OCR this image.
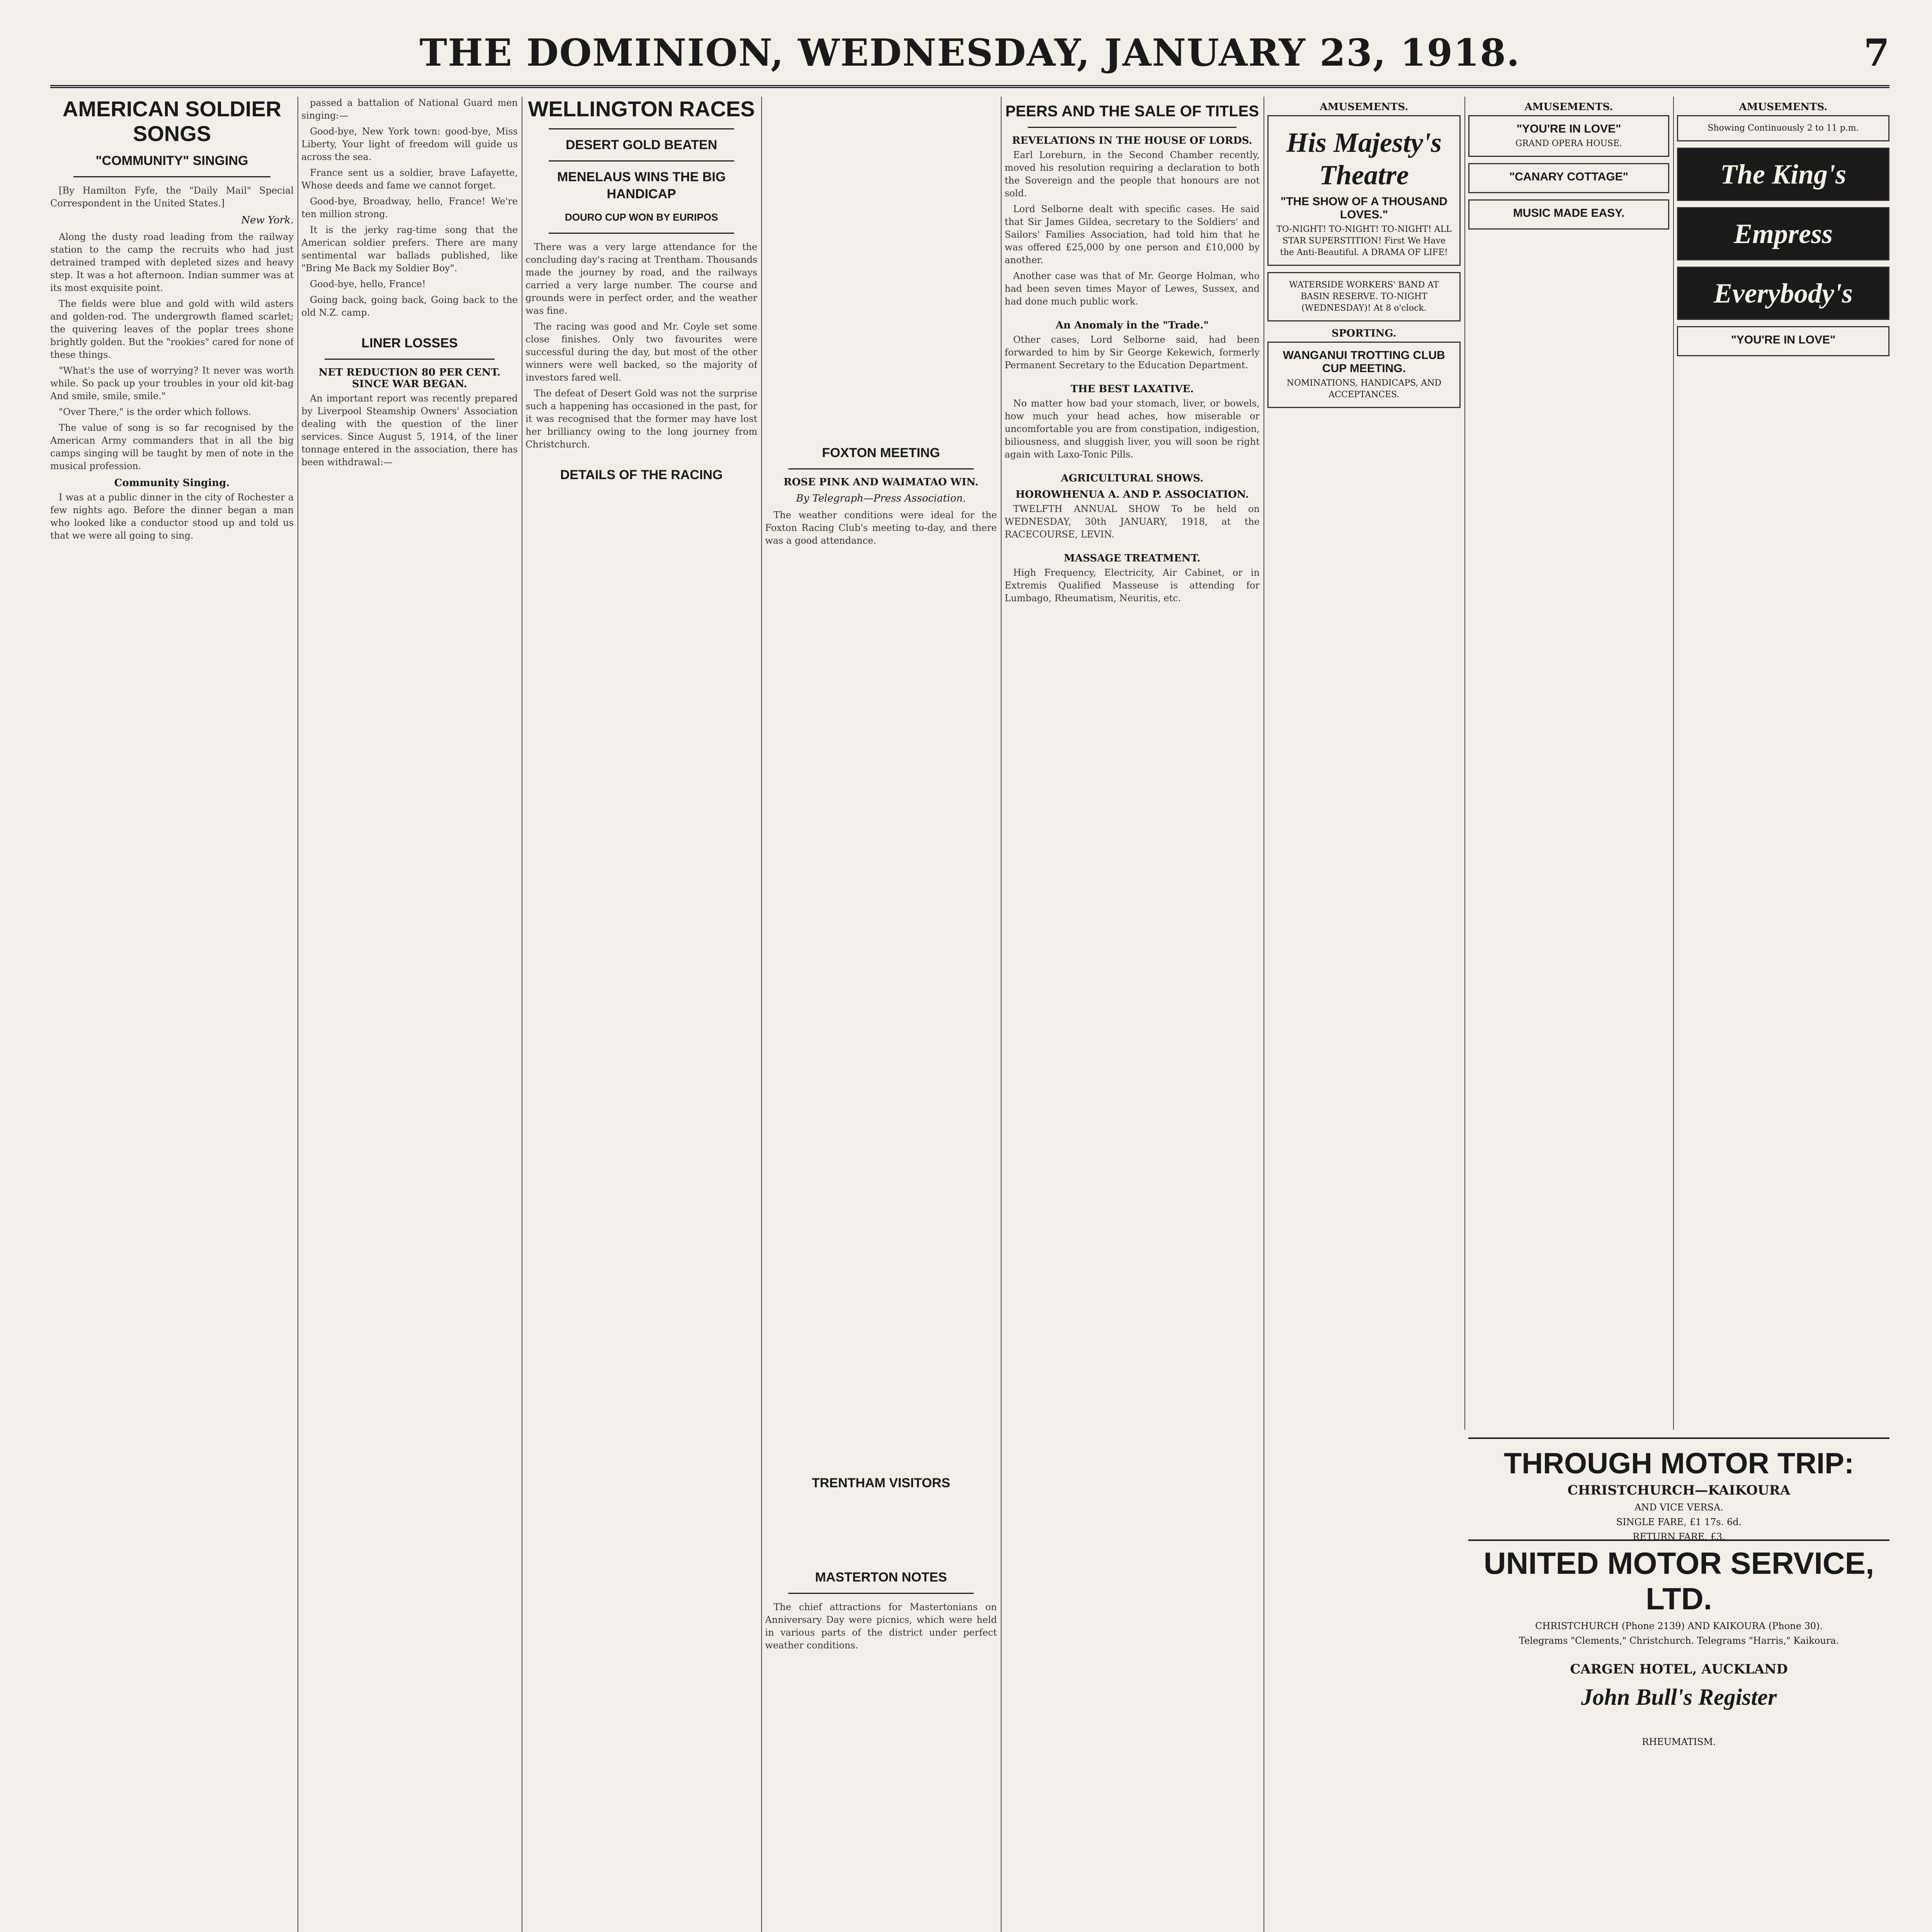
THE DOMINION, WEDNESDAY, JANUARY 23, 1918.	7
AMERICAN SOLDIER SONGS
"COMMUNITY" SINGING

[By Hamilton Fyfe, the "Daily Mail" Special Correspondent in the United States.]

New York.

Along the dusty road leading from the railway station to the camp the recruits who had just detrained tramped with depleted sizes and heavy step. It was a hot afternoon. Indian summer was at its most exquisite point.

The fields were blue and gold with wild asters and golden-rod. The undergrowth flamed scarlet; the quivering leaves of the poplar trees shone brightly golden. But the "rookies" cared for none of these things.

"What's the use of worrying? It never was worth while. So pack up your troubles in your old kit-bag And smile, smile, smile."

"Over There," is the order which follows.

The value of song is so far recognised by the American Army commanders that in all the big camps singing will be taught by men of note in the musical profession.

Community Singing.

I was at a public dinner in the city of Rochester a few nights ago. Before the dinner began a man who looked like a conductor stood up and told us that we were all going to sing.

passed a battalion of National Guard men singing:—

Good-bye, New York town: good-bye, Miss Liberty, Your light of freedom will guide us across the sea.

France sent us a soldier, brave Lafayette, Whose deeds and fame we cannot forget.

Good-bye, Broadway, hello, France! We're ten million strong.

It is the jerky rag-time song that the American soldier prefers. There are many sentimental war ballads published, like "Bring Me Back my Soldier Boy".

Good-bye, hello, France!

Going back, going back, Going back to the old N.Z. camp.

LINER LOSSES
NET REDUCTION 80 PER CENT. SINCE WAR BEGAN.

An important report was recently prepared by Liverpool Steamship Owners' Association dealing with the question of the liner services. Since August 5, 1914, of the liner tonnage entered in the association, there has been withdrawal:—

WELLINGTON RACES
DESERT GOLD BEATEN
MENELAUS WINS THE BIG HANDICAP
DOURO CUP WON BY EURIPOS

There was a very large attendance for the concluding day's racing at Trentham. Thousands made the journey by road, and the railways carried a very large number. The course and grounds were in perfect order, and the weather was fine.

The racing was good and Mr. Coyle set some close finishes. Only two favourites were successful during the day, but most of the other winners were well backed, so the majority of investors fared well.

The defeat of Desert Gold was not the surprise such a happening has occasioned in the past, for it was recognised that the former may have lost her brilliancy owing to the long journey from Christchurch.

DETAILS OF THE RACING
FOXTON MEETING
ROSE PINK AND WAIMATAO WIN.
By Telegraph—Press Association.

The weather conditions were ideal for the Foxton Racing Club's meeting to-day, and there was a good attendance.

TRENTHAM VISITORS
MASTERTON NOTES

The chief attractions for Mastertonians on Anniversary Day were picnics, which were held in various parts of the district under perfect weather conditions.

PEERS AND THE SALE OF TITLES
REVELATIONS IN THE HOUSE OF LORDS.

Earl Loreburn, in the Second Chamber recently, moved his resolution requiring a declaration to both the Sovereign and the people that honours are not sold.

Lord Selborne dealt with specific cases. He said that Sir James Gildea, secretary to the Soldiers' and Sailors' Families Association, had told him that he was offered £25,000 by one person and £10,000 by another.

Another case was that of Mr. George Holman, who had been seven times Mayor of Lewes, Sussex, and had done much public work.

An Anomaly in the "Trade."

Other cases, Lord Selborne said, had been forwarded to him by Sir George Kekewich, formerly Permanent Secretary to the Education Department.

THE BEST LAXATIVE.

No matter how bad your stomach, liver, or bowels, how much your head aches, how miserable or uncomfortable you are from constipation, indigestion, biliousness, and sluggish liver, you will soon be right again with Laxo-Tonic Pills.

AGRICULTURAL SHOWS.
HOROWHENUA A. AND P. ASSOCIATION.

TWELFTH ANNUAL SHOW To be held on WEDNESDAY, 30th JANUARY, 1918, at the RACECOURSE, LEVIN.

MASSAGE TREATMENT.

High Frequency, Electricity, Air Cabinet, or in Extremis Qualified Masseuse is attending for Lumbago, Rheumatism, Neuritis, etc.

AMUSEMENTS.
His Majesty's Theatre
"THE SHOW OF A THOUSAND LOVES."
TO-NIGHT! TO-NIGHT! TO-NIGHT! ALL STAR SUPERSTITION! First We Have the Anti-Beautiful. A DRAMA OF LIFE!
WATERSIDE WORKERS' BAND AT BASIN RESERVE. TO-NIGHT (WEDNESDAY)! At 8 o'clock.
SPORTING.
WANGANUI TROTTING CLUB CUP MEETING.
NOMINATIONS, HANDICAPS, AND ACCEPTANCES.
AMUSEMENTS.
"YOU'RE IN LOVE"
GRAND OPERA HOUSE.
"CANARY COTTAGE"
MUSIC MADE EASY.
AMUSEMENTS.
Showing Continuously 2 to 11 p.m.
The King's
Empress
Everybody's
"YOU'RE IN LOVE"
THROUGH MOTOR TRIP:
CHRISTCHURCH—KAIKOURA
AND VICE VERSA.
SINGLE FARE, £1 17s. 6d.
RETURN FARE, £3.
UNITED MOTOR SERVICE, LTD.
CHRISTCHURCH (Phone 2139) AND KAIKOURA (Phone 30).
Telegrams "Clements," Christchurch. Telegrams "Harris," Kaikoura.
CARGEN HOTEL, AUCKLAND
John Bull's Register
RHEUMATISM.
